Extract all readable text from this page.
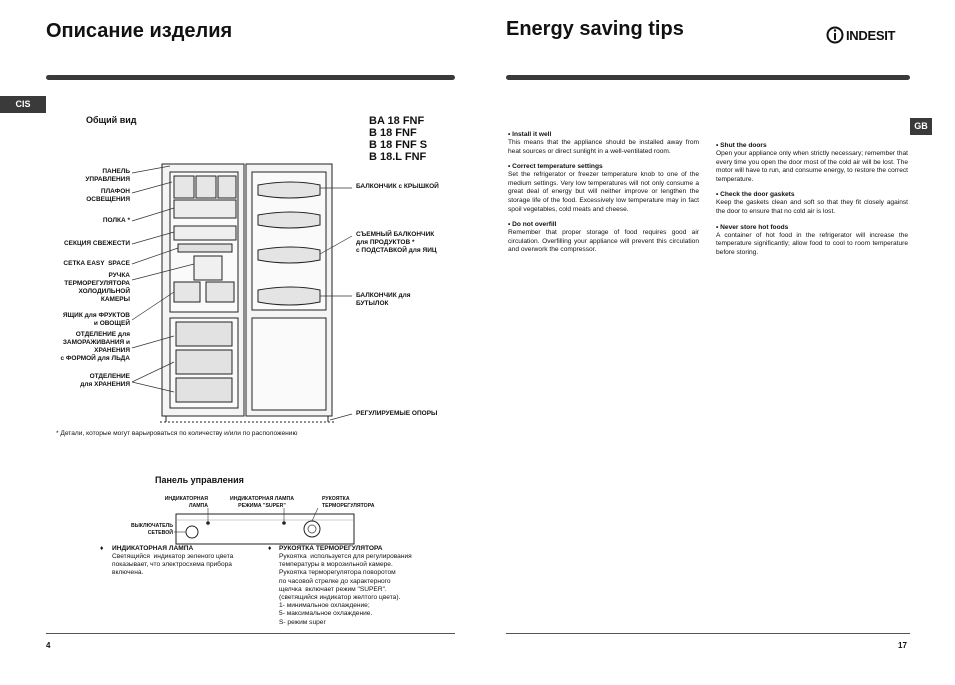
Описание изделия
CIS
Общий вид	BA 18 FNF
B 18 FNF
B 18 FNF S
B 18.L FNF
ПАНЕЛЬ
УПРАВЛЕНИЯ
ПЛАФОН
ОСВЕЩЕНИЯ
ПОЛКА *
СЕКЦИЯ СВЕЖЕСТИ
СЕТКА EASY  SPACE
РУЧКА
ТЕРМОРЕГУЛЯТОРА
ХОЛОДИЛЬНОЙ
КАМЕРЫ
ЯЩИК для ФРУКТОВ
и ОВОЩЕЙ
ОТДЕЛЕНИЕ для
ЗАМОРАЖИВАНИЯ и
ХРАНЕНИЯ
с ФОРМОЙ для ЛЬДА
ОТДЕЛЕНИЕ
для ХРАНЕНИЯ
БАЛКОНЧИК с КРЫШКОЙ
СЪЕМНЫЙ БАЛКОНЧИК
для ПРОДУКТОВ *
с ПОДСТАВКОЙ для ЯИЦ
БАЛКОНЧИК для
БУТЫЛОК
РЕГУЛИРУЕМЫЕ ОПОРЫ
* Детали, которые могут варьироваться по количеству и/или по расположению
Панель управления
ИНДИКАТОРНАЯ
ЛАМПА
ИНДИКАТОРНАЯ ЛАМПА
РЕЖИМА "SUPER"
РУКОЯТКА
ТЕРМОРЕГУЛЯТОРА
ВЫКЛЮЧАТЕЛЬ
СЕТЕВОЙ
♦ ИНДИКАТОРНАЯ ЛАМПА
Светящийся  индикатор зеленого цвета
показывает, что электросхема прибора
включена.
♦ РУКОЯТКА ТЕРМОРЕГУЛЯТОРА
Рукоятка  используется для регулирования
температуры в морозильной камере.
Рукоятка терморегулятора поворотом
по часовой стрелке до характерного
щелчка  включает режим "SUPER".
(светящийся индикатор желтого цвета).
1- минимальное охлаждение;
5- максимальное охлаждение.
S- режим super
4
Energy saving tips	INDESIT
GB
• Install it well
This means that the appliance should be installed away from heat sources or direct sunlight in a well-ventilated room.
• Correct temperature settings
Set the refrigerator or freezer temperature knob to one of the medium settings. Very low temperatures will not only consume a great deal of energy but will neither improve or lengthen the storage life of the food. Excessively low temperature may in fact spoil vegetables, cold meats and cheese.
• Do not overfill
Remember that proper storage of food requires good air circulation. Overfilling your appliance will prevent this circulation and overwork the compressor.
• Shut the doors
Open your appliance only when strictly necessary; remember that every time you open the door most of the cold air will be lost. The motor will have to run, and consume energy, to restore the correct temperature.
• Check the door gaskets
Keep the gaskets clean and soft so that they fit closely against the door to ensure that no cold air is lost.
• Never store hot foods
A container of hot food in the refrigerator will increase the temperature significantly; allow food to cool to room temperature before storing.
17
